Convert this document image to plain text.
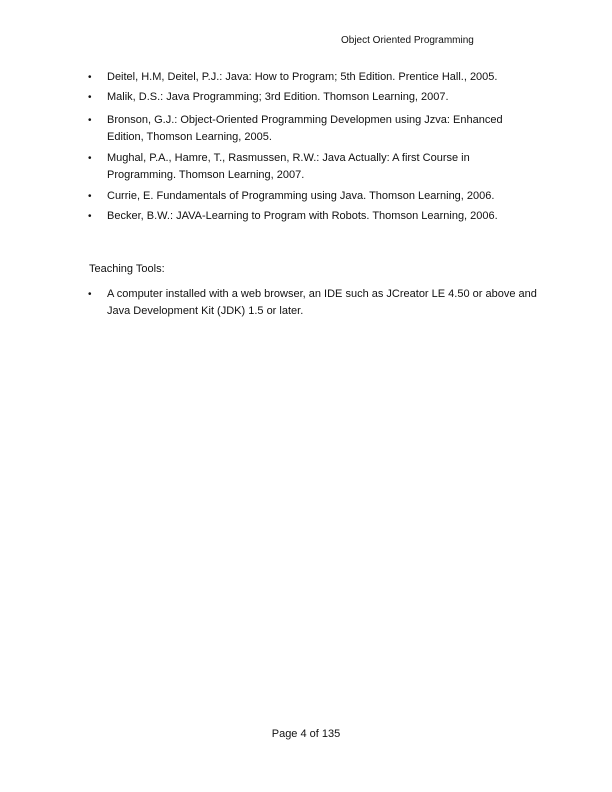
Object Oriented Programming
• Deitel, H.M, Deitel, P.J.: Java: How to Program; 5th Edition. Prentice Hall., 2005.
• Malik, D.S.: Java Programming; 3rd Edition. Thomson Learning, 2007.
• Bronson, G.J.: Object-Oriented Programming Developmen using Jzva: Enhanced Edition, Thomson Learning, 2005.
• Mughal, P.A., Hamre, T., Rasmussen, R.W.: Java Actually: A first Course in Programming. Thomson Learning, 2007.
• Currie, E. Fundamentals of Programming using Java. Thomson Learning, 2006.
• Becker, B.W.: JAVA-Learning to Program with Robots. Thomson Learning, 2006.
Teaching Tools:
• A computer installed with a web browser, an IDE such as JCreator LE 4.50 or above and Java Development Kit (JDK) 1.5 or later.
Page 4 of 135
